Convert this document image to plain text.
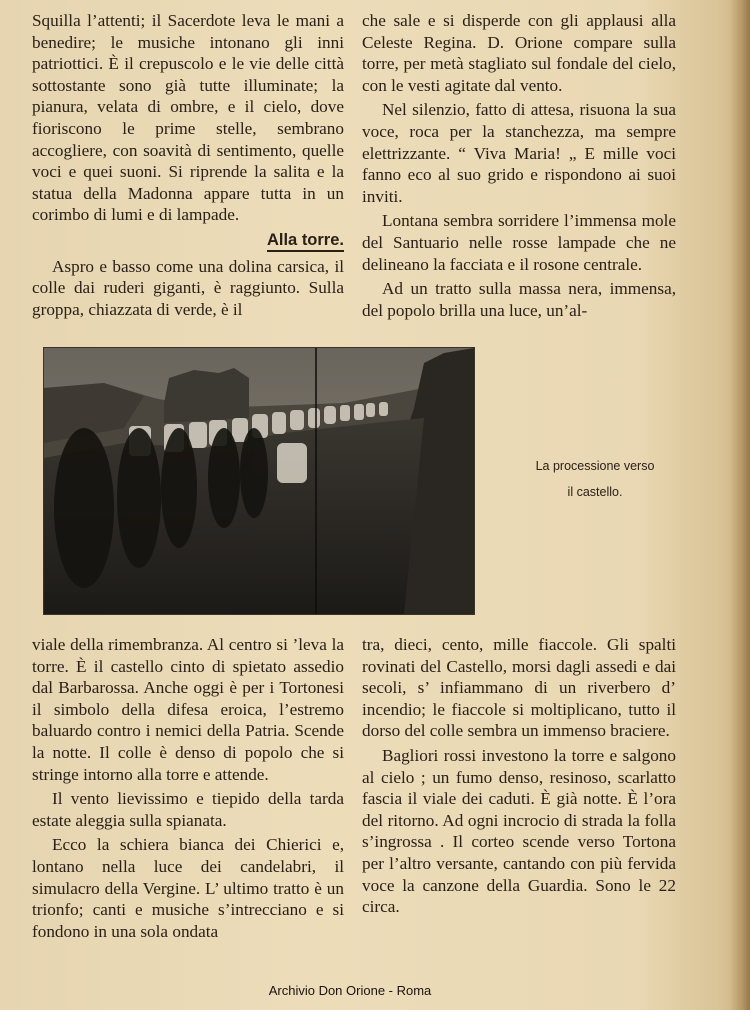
Squilla l’attenti; il Sacerdote leva le mani a benedire; le musiche intonano gli inni patriottici. È il crepuscolo e le vie delle città sottostante sono già tutte illuminate; la pianura, velata di ombre, e il cielo, dove fioriscono le prime stelle, sembrano accogliere, con soavità di sentimento, quelle voci e quei suoni. Si riprende la salita e la statua della Madonna appare tutta in un corimbo di lumi e di lampade.

Alla torre.

Aspro e basso come una dolina carsica, il colle dai ruderi giganti, è raggiunto. Sulla groppa, chiazzata di verde, è il

che sale e si disperde con gli applausi alla Celeste Regina. D. Orione compare sulla torre, per metà stagliato sul fondale del cielo, con le vesti agitate dal vento.

Nel silenzio, fatto di attesa, risuona la sua voce, roca per la stanchezza, ma sempre elettrizzante. “ Viva Maria! „ E mille voci fanno eco al suo grido e rispondono ai suoi inviti.

Lontana sembra sorridere l’immensa mole del Santuario nelle rosse lampade che ne delineano la facciata e il rosone centrale.

Ad un tratto sulla massa nera, immensa, del popolo brilla una luce, un’al-

La processione verso
il castello.

viale della rimembranza. Al centro si ’leva la torre. È il castello cinto di spietato assedio dal Barbarossa. Anche oggi è per i Tortonesi il simbolo della difesa eroica, l’estremo baluardo contro i nemici della Patria. Scende la notte. Il colle è denso di popolo che si stringe intorno alla torre e attende.

Il vento lievissimo e tiepido della tarda estate aleggia sulla spianata.

Ecco la schiera bianca dei Chierici e, lontano nella luce dei candelabri, il simulacro della Vergine. L’ ultimo tratto è un trionfo; canti e musiche s’intrecciano e si fondono in una sola ondata

tra, dieci, cento, mille fiaccole. Gli spalti rovinati del Castello, morsi dagli assedi e dai secoli, s’ infiammano di un riverbero d’ incendio; le fiaccole si moltiplicano, tutto il dorso del colle sembra un immenso braciere.

Bagliori rossi investono la torre e salgono al cielo ; un fumo denso, resinoso, scarlatto fascia il viale dei caduti. È già notte. È l’ora del ritorno. Ad ogni incrocio di strada la folla s’ingrossa . Il corteo scende verso Tortona per l’altro versante, cantando con più fervida voce la canzone della Guardia. Sono le 22 circa.

Archivio Don Orione - Roma
